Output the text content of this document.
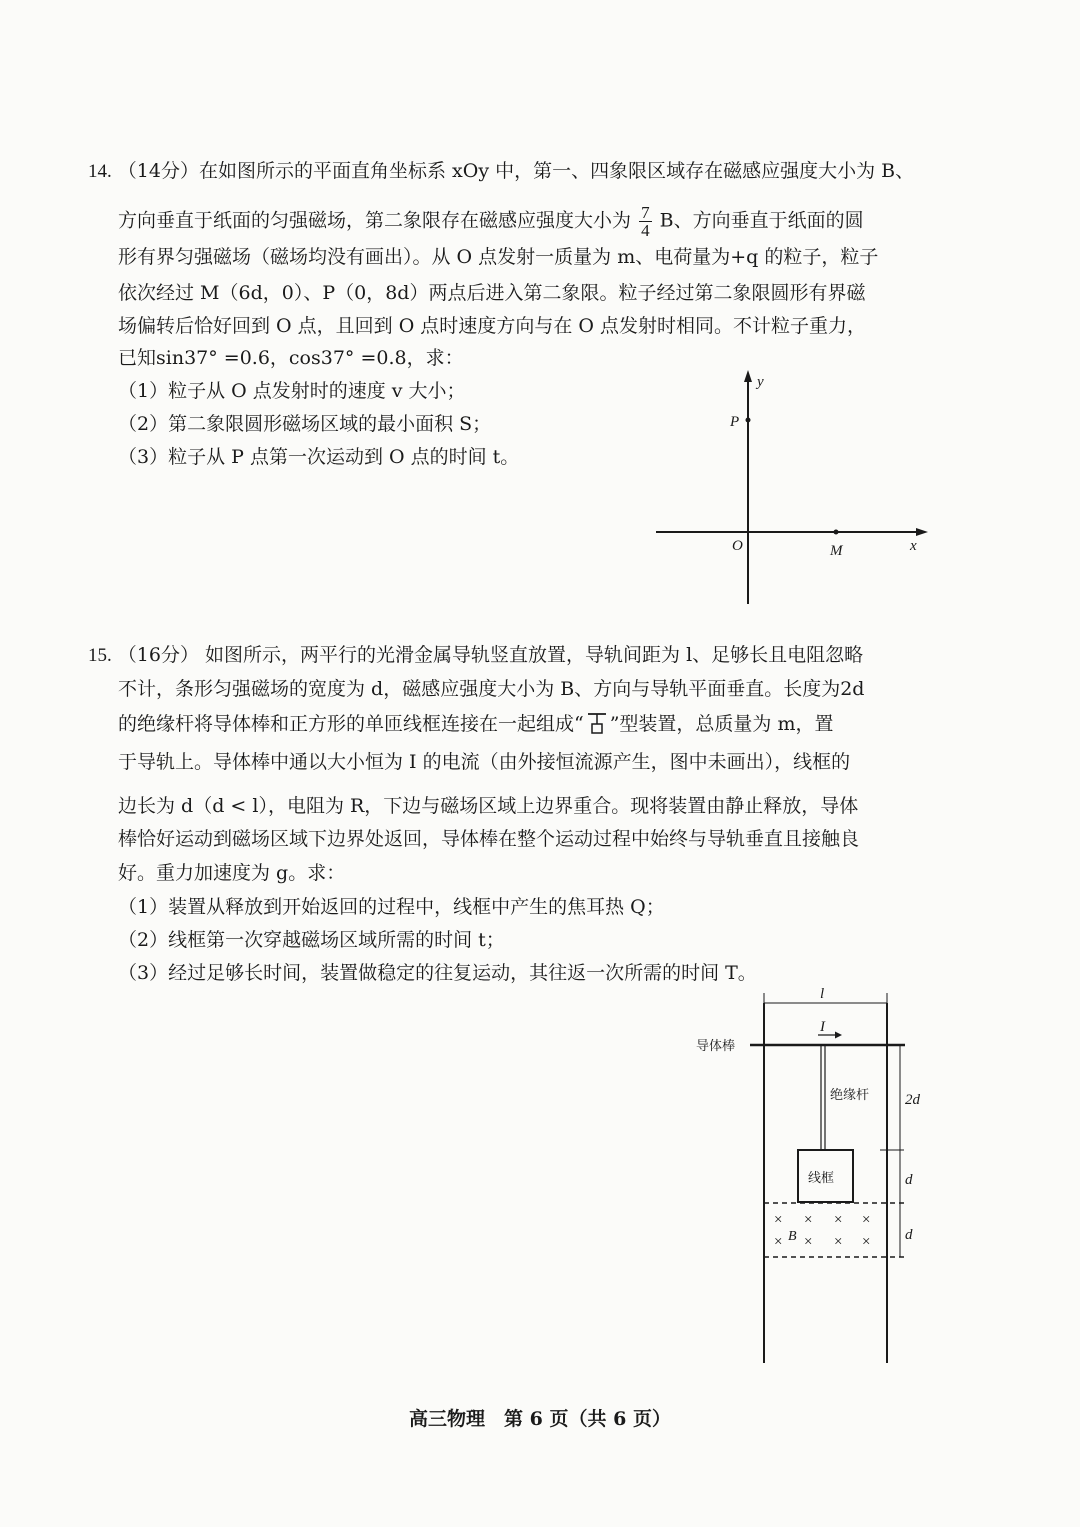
14. （14分）在如图所示的平面直角坐标系 xOy 中，第一、四象限区域存在磁感应强度大小为 B、
方向垂直于纸面的匀强磁场，第二象限存在磁感应强度大小为 $\frac{7}{4}$ B、方向垂直于纸面的圆
形有界匀强磁场（磁场均没有画出）。从 O 点发射一质量为 m、电荷量为+q 的粒子，粒子
依次经过 M（6d，0）、P（0，8d）两点后进入第二象限。粒子经过第二象限圆形有界磁
场偏转后恰好回到 O 点，且回到 O 点时速度方向与在 O 点发射时相同。不计粒子重力，
已知sin37° =0.6，cos37° =0.8，求：
（1）粒子从 O 点发射时的速度 v 大小；
（2）第二象限圆形磁场区域的最小面积 S；
（3）粒子从 P 点第一次运动到 O 点的时间 t。
y
P
O	M	x
15. （16分） 如图所示，两平行的光滑金属导轨竖直放置，导轨间距为 l、足够长且电阻忽略
不计，条形匀强磁场的宽度为 d，磁感应强度大小为 B、方向与导轨平面垂直。长度为2d
的绝缘杆将导体棒和正方形的单匝线框连接在一起组成“ ”型装置，总质量为 m，置
于导轨上。导体棒中通以大小恒为 I 的电流（由外接恒流源产生，图中未画出），线框的
边长为 d（d < l），电阻为 R，下边与磁场区域上边界重合。现将装置由静止释放，导体
棒恰好运动到磁场区域下边界处返回，导体棒在整个运动过程中始终与导轨垂直且接触良
好。重力加速度为 g。求：
（1）装置从释放到开始返回的过程中，线框中产生的焦耳热 Q；
（2）线框第一次穿越磁场区域所需的时间 t；
（3）经过足够长时间，装置做稳定的往复运动，其往返一次所需的时间 T。
l
导体棒
I
绝缘杆
线框
× × × ×
× × × ×
B
2d
d
d
高三物理　第 6 页（共 6 页）
